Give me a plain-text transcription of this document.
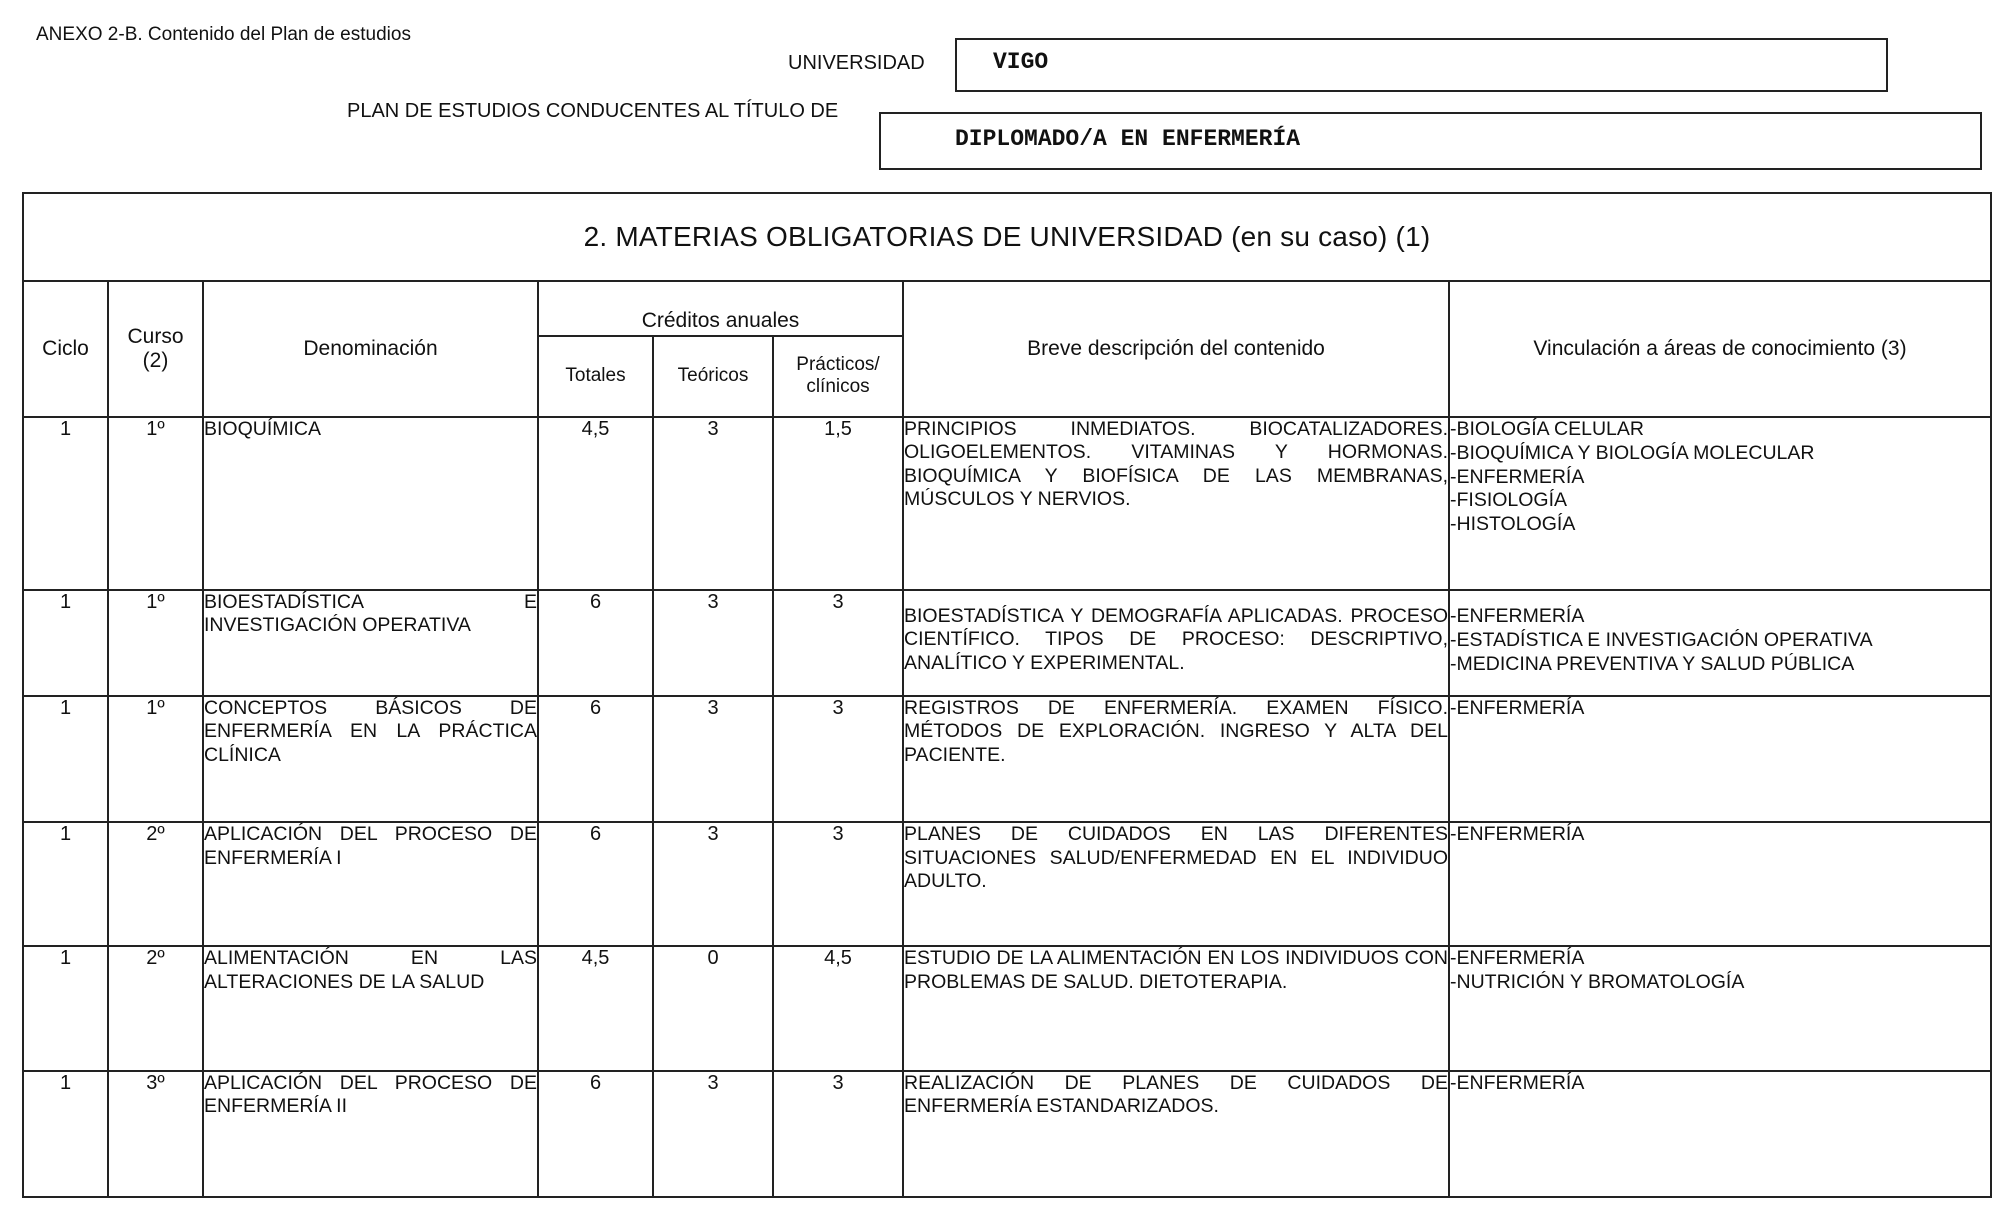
ANEXO 2-B. Contenido del Plan de estudios
UNIVERSIDAD	VIGO
PLAN DE ESTUDIOS CONDUCENTES AL TÍTULO DE
DIPLOMADO/A EN ENFERMERÍA
2. MATERIAS OBLIGATORIAS DE UNIVERSIDAD (en su caso) (1)							
Ciclo	Curso (2)	Denominación	Créditos anuales			Breve descripción del contenido	Vinculación a áreas de conocimiento (3)
			Totales	Teóricos	Prácticos/ clínicos		

1	1º	BIOQUÍMICA	4,5	3	1,5	PRINCIPIOS INMEDIATOS. BIOCATALIZADORES. OLIGOELEMENTOS. VITAMINAS Y HORMONAS. BIOQUÍMICA Y BIOFÍSICA DE LAS MEMBRANAS, MÚSCULOS Y NERVIOS.	-BIOLOGÍA CELULAR
-BIOQUÍMICA Y BIOLOGÍA MOLECULAR
-ENFERMERÍA
-FISIOLOGÍA
-HISTOLOGÍA

1	1º	BIOESTADÍSTICA E INVESTIGACIÓN OPERATIVA	6	3	3	BIOESTADÍSTICA Y DEMOGRAFÍA APLICADAS. PROCESO CIENTÍFICO. TIPOS DE PROCESO: DESCRIPTIVO, ANALÍTICO Y EXPERIMENTAL.	-ENFERMERÍA
-ESTADÍSTICA E INVESTIGACIÓN OPERATIVA
-MEDICINA PREVENTIVA Y SALUD PÚBLICA

1	1º	CONCEPTOS BÁSICOS DE ENFERMERÍA EN LA PRÁCTICA CLÍNICA	6	3	3	REGISTROS DE ENFERMERÍA. EXAMEN FÍSICO. MÉTODOS DE EXPLORACIÓN. INGRESO Y ALTA DEL PACIENTE.	-ENFERMERÍA

1	2º	APLICACIÓN DEL PROCESO DE ENFERMERÍA I	6	3	3	PLANES DE CUIDADOS EN LAS DIFERENTES SITUACIONES SALUD/ENFERMEDAD EN EL INDIVIDUO ADULTO.	-ENFERMERÍA

1	2º	ALIMENTACIÓN EN LAS ALTERACIONES DE LA SALUD	4,5	0	4,5	ESTUDIO DE LA ALIMENTACIÓN EN LOS INDIVIDUOS CON PROBLEMAS DE SALUD. DIETOTERAPIA.	-ENFERMERÍA
-NUTRICIÓN Y BROMATOLOGÍA

1	3º	APLICACIÓN DEL PROCESO DE ENFERMERÍA II	6	3	3	REALIZACIÓN DE PLANES DE CUIDADOS DE ENFERMERÍA ESTANDARIZADOS.	-ENFERMERÍA
